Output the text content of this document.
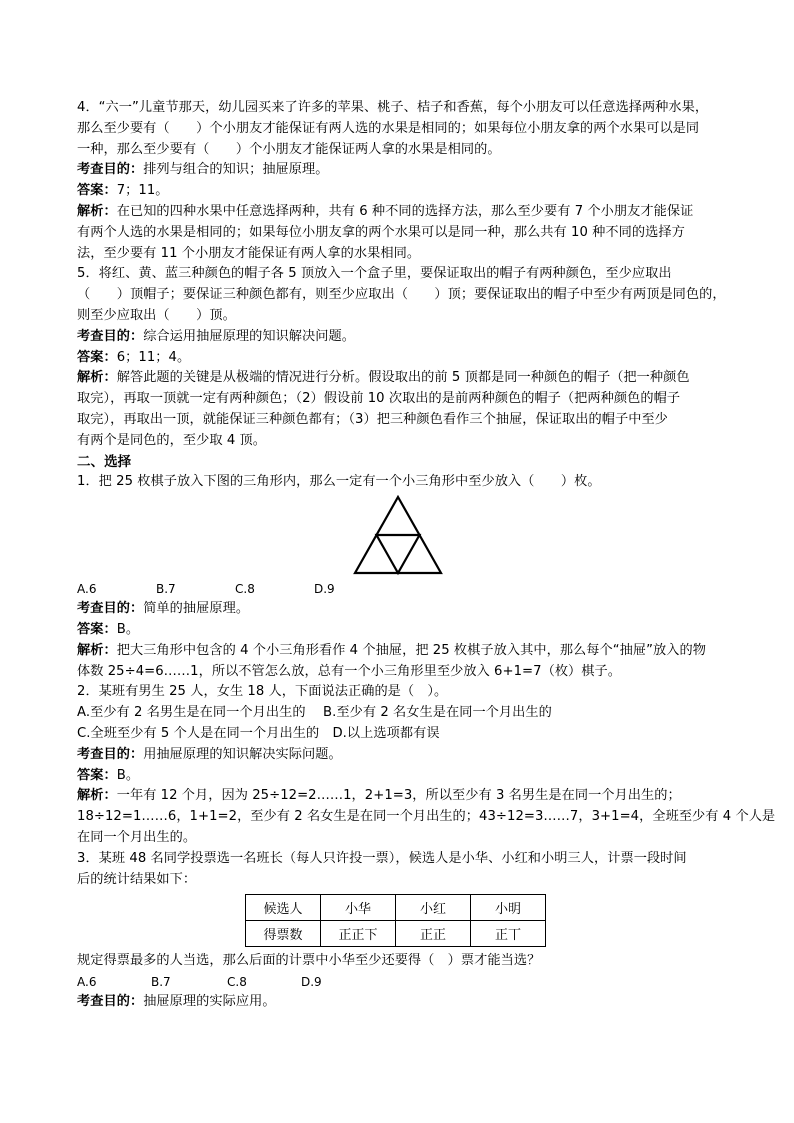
4．“六一”儿童节那天，幼儿园买来了许多的苹果、桃子、桔子和香蕉，每个小朋友可以任意选择两种水果，
那么至少要有（　　）个小朋友才能保证有两人选的水果是相同的；如果每位小朋友拿的两个水果可以是同
一种，那么至少要有（　　）个小朋友才能保证两人拿的水果是相同的。
考查目的：排列与组合的知识；抽屉原理。
答案：7；11。
解析：在已知的四种水果中任意选择两种，共有 6 种不同的选择方法，那么至少要有 7 个小朋友才能保证
有两个人选的水果是相同的；如果每位小朋友拿的两个水果可以是同一种，那么共有 10 种不同的选择方
法，至少要有 11 个小朋友才能保证有两人拿的水果相同。
5．将红、黄、蓝三种颜色的帽子各 5 顶放入一个盒子里，要保证取出的帽子有两种颜色，至少应取出
（　　）顶帽子；要保证三种颜色都有，则至少应取出（　　）顶；要保证取出的帽子中至少有两顶是同色的，
则至少应取出（　　）顶。
考查目的：综合运用抽屉原理的知识解决问题。
答案：6；11；4。
解析：解答此题的关键是从极端的情况进行分析。假设取出的前 5 顶都是同一种颜色的帽子（把一种颜色
取完），再取一顶就一定有两种颜色；（2）假设前 10 次取出的是前两种颜色的帽子（把两种颜色的帽子
取完），再取出一顶，就能保证三种颜色都有；（3）把三种颜色看作三个抽屉，保证取出的帽子中至少
有两个是同色的，至少取 4 顶。
二、选择
1．把 25 枚棋子放入下图的三角形内，那么一定有一个小三角形中至少放入（　　）枚。
A.6	B.7	C.8	D.9
考查目的：简单的抽屉原理。
答案：B。
解析：把大三角形中包含的 4 个小三角形看作 4 个抽屉，把 25 枚棋子放入其中，那么每个“抽屉”放入的物
体数 25÷4=6……1，所以不管怎么放，总有一个小三角形里至少放入 6+1=7（枚）棋子。
2．某班有男生 25 人，女生 18 人，下面说法正确的是（　）。
A.至少有 2 名男生是在同一个月出生的　 B.至少有 2 名女生是在同一个月出生的
C.全班至少有 5 个人是在同一个月出生的　D.以上选项都有误
考查目的：用抽屉原理的知识解决实际问题。
答案：B。
解析：一年有 12 个月，因为 25÷12=2……1，2+1=3，所以至少有 3 名男生是在同一个月出生的；
18÷12=1……6，1+1=2，至少有 2 名女生是在同一个月出生的；43÷12=3……7，3+1=4，全班至少有 4 个人是
在同一个月出生的。
3．某班 48 名同学投票选一名班长（每人只许投一票），候选人是小华、小红和小明三人，计票一段时间
后的统计结果如下：
候选人	小华	小红	小明
得票数	正正下	正正	正丅
规定得票最多的人当选，那么后面的计票中小华至少还要得（　）票才能当选？
A.6	B.7	C.8	D.9
考查目的：抽屉原理的实际应用。
